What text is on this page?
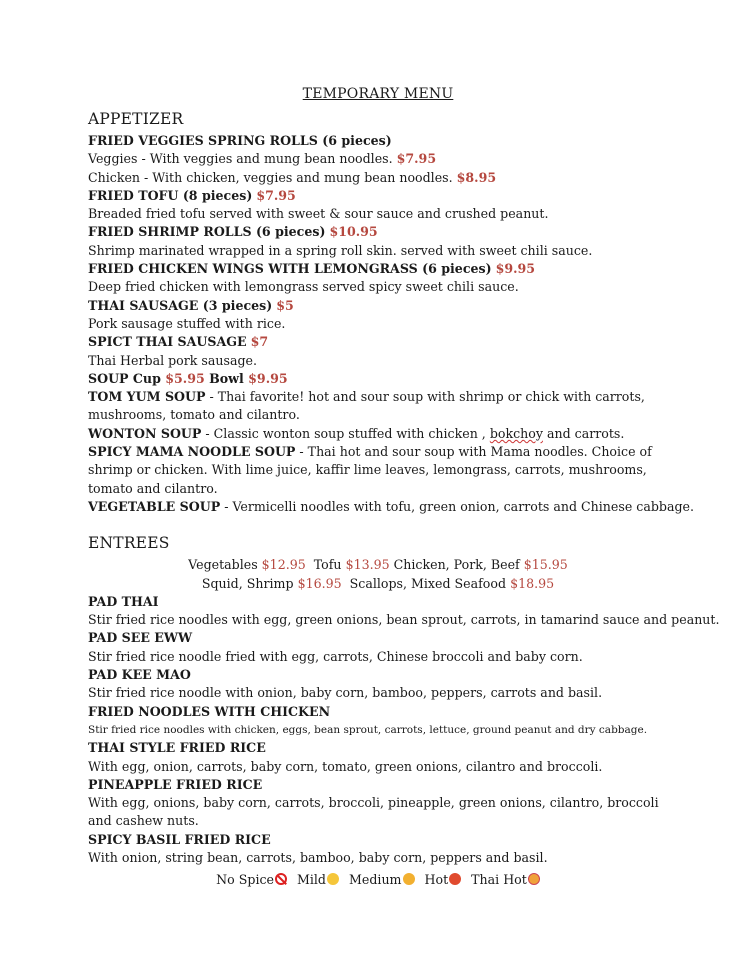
TEMPORARY MENU
APPETIZER
FRIED VEGGIES SPRING ROLLS (6 pieces)
Veggies - With veggies and mung bean noodles. $7.95
Chicken - With chicken, veggies and mung bean noodles. $8.95
FRIED TOFU (8 pieces) $7.95
Breaded fried tofu served with sweet & sour sauce and crushed peanut.
FRIED SHRIMP ROLLS (6 pieces) $10.95
Shrimp marinated wrapped in a spring roll skin. served with sweet chili sauce.
FRIED CHICKEN WINGS WITH LEMONGRASS (6 pieces) $9.95
Deep fried chicken with lemongrass served spicy sweet chili sauce.
THAI SAUSAGE (3 pieces) $5
Pork sausage stuffed with rice.
SPICT THAI SAUSAGE $7
Thai Herbal pork sausage.
SOUP Cup $5.95 Bowl $9.95
TOM YUM SOUP - Thai favorite! hot and sour soup with shrimp or chick with carrots, mushrooms, tomato and cilantro.
WONTON SOUP - Classic wonton soup stuffed with chicken , bokchoy and carrots.
SPICY MAMA NOODLE SOUP - Thai hot and sour soup with Mama noodles. Choice of shrimp or chicken. With lime juice, kaffir lime leaves, lemongrass, carrots, mushrooms, tomato and cilantro.
VEGETABLE SOUP - Vermicelli noodles with tofu, green onion, carrots and Chinese cabbage.
ENTREES
Vegetables $12.95 Tofu $13.95 Chicken, Pork, Beef $15.95
Squid, Shrimp $16.95 Scallops, Mixed Seafood $18.95
PAD THAI
Stir fried rice noodles with egg, green onions, bean sprout, carrots, in tamarind sauce and peanut.
PAD SEE EWW
Stir fried rice noodle fried with egg, carrots, Chinese broccoli and baby corn.
PAD KEE MAO
Stir fried rice noodle with onion, baby corn, bamboo, peppers, carrots and basil.
FRIED NOODLES WITH CHICKEN
Stir fried rice noodles with chicken, eggs, bean sprout, carrots, lettuce, ground peanut and dry cabbage.
THAI STYLE FRIED RICE
With egg, onion, carrots, baby corn, tomato, green onions, cilantro and broccoli.
PINEAPPLE FRIED RICE
With egg, onions, baby corn, carrots, broccoli, pineapple, green onions, cilantro, broccoli and cashew nuts.
SPICY BASIL FRIED RICE
With onion, string bean, carrots, bamboo, baby corn, peppers and basil.
No Spice	Mild	Medium	Hot	Thai Hot
